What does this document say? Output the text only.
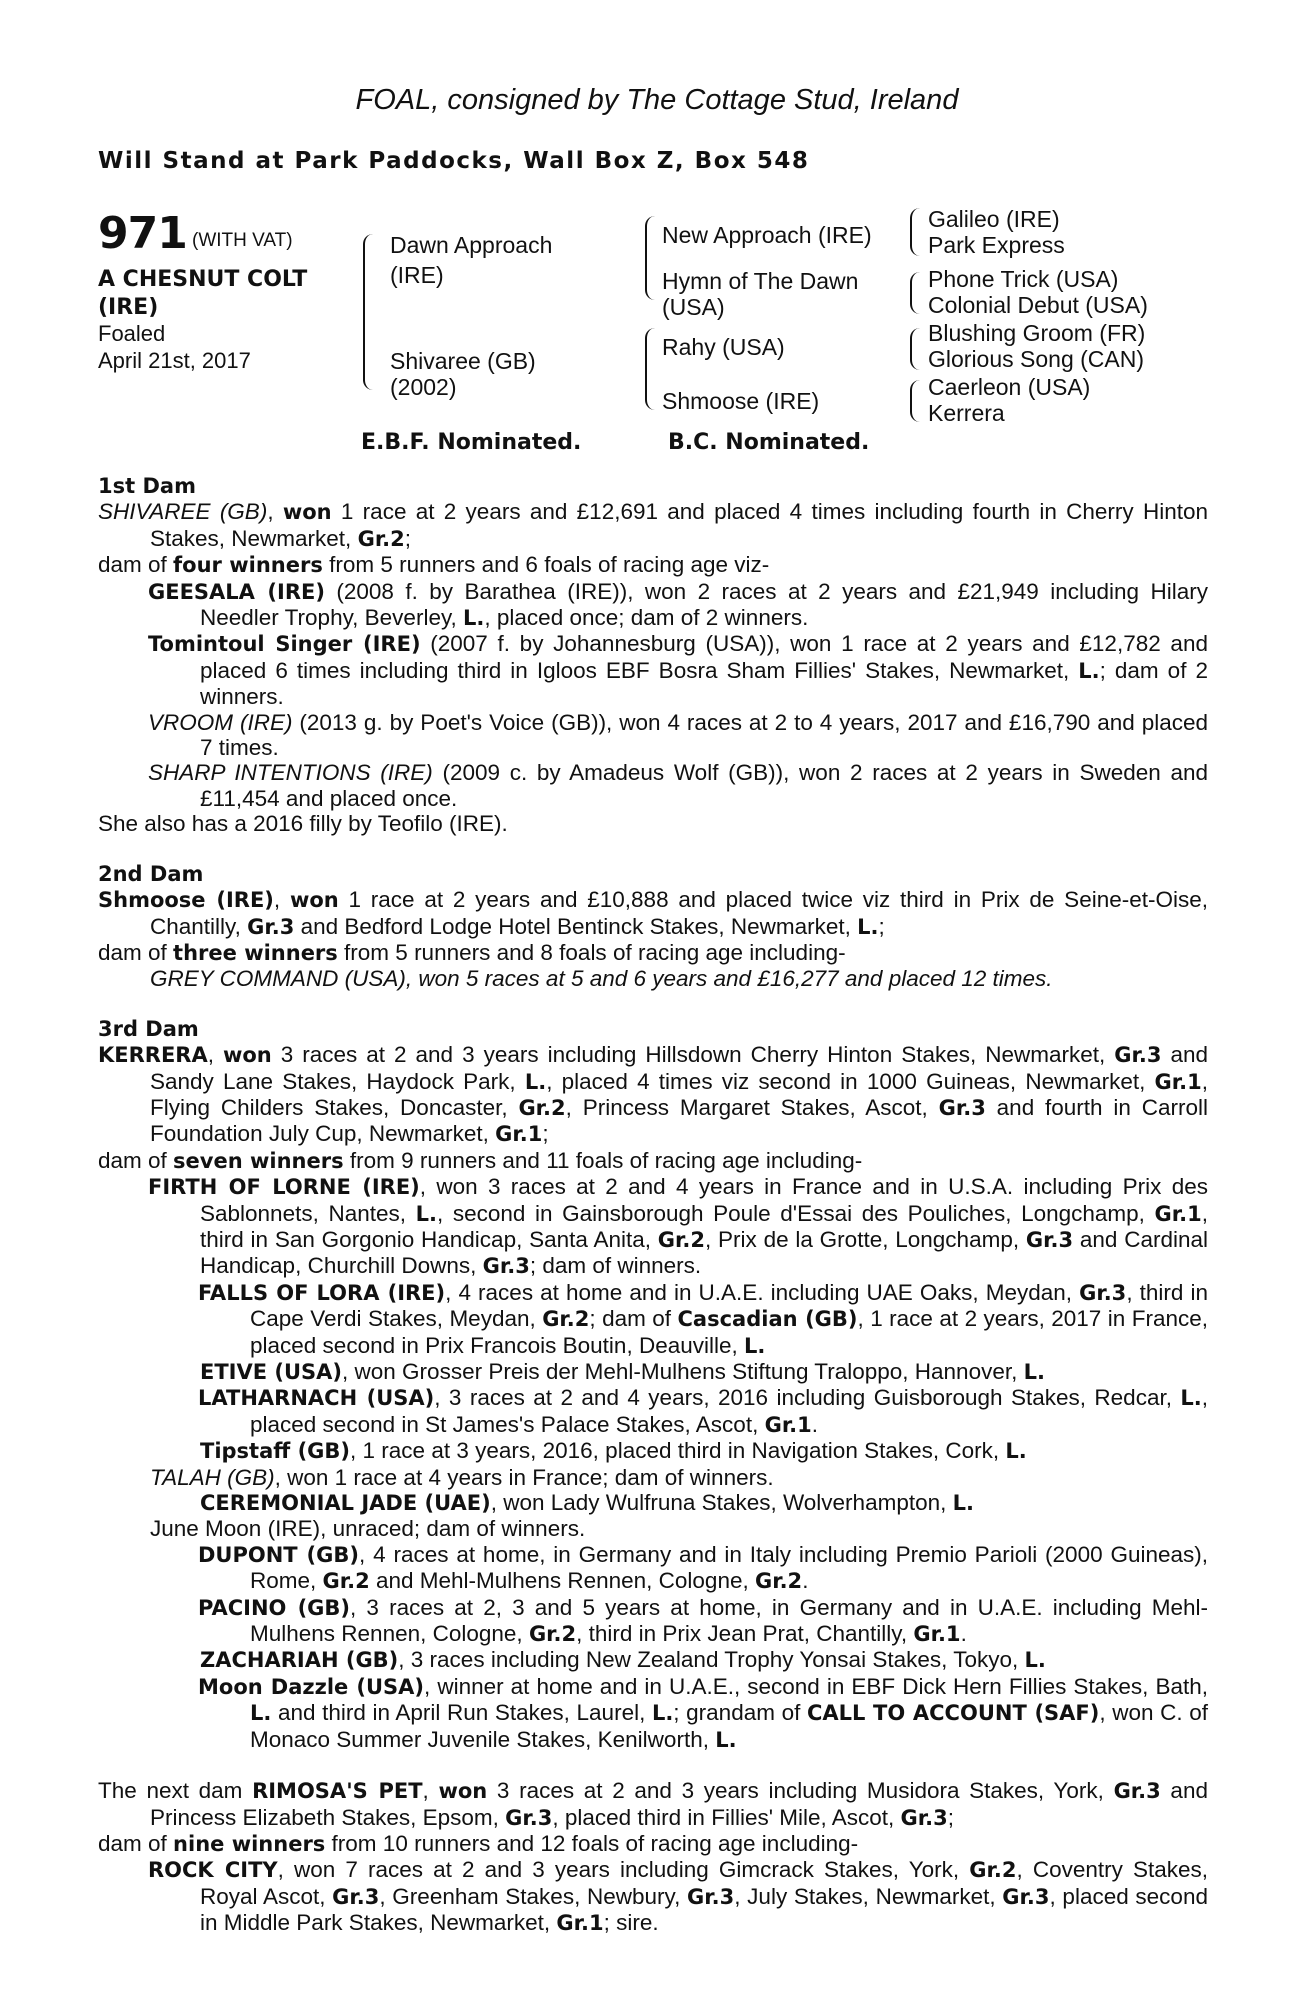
FOAL, consigned by The Cottage Stud, Ireland
Will Stand at Park Paddocks, Wall Box Z, Box 548
971 (WITH VAT)
A CHESNUT COLT
(IRE)
Foaled
April 21st, 2017
Dawn Approach
(IRE)
Shivaree (GB)
(2002)
New Approach (IRE)
Hymn of The Dawn
(USA)
Rahy (USA)
Shmoose (IRE)
Galileo (IRE)
Park Express
Phone Trick (USA)
Colonial Debut (USA)
Blushing Groom (FR)
Glorious Song (CAN)
Caerleon (USA)
Kerrera
E.B.F. Nominated.	B.C. Nominated.

1st Dam

SHIVAREE (GB), won 1 race at 2 years and £12,691 and placed 4 times including fourth in Cherry Hinton Stakes, Newmarket, Gr.2;

dam of four winners from 5 runners and 6 foals of racing age viz-

GEESALA (IRE) (2008 f. by Barathea (IRE)), won 2 races at 2 years and £21,949 including Hilary Needler Trophy, Beverley, L., placed once; dam of 2 winners.

Tomintoul Singer (IRE) (2007 f. by Johannesburg (USA)), won 1 race at 2 years and £12,782 and placed 6 times including third in Igloos EBF Bosra Sham Fillies' Stakes, Newmarket, L.; dam of 2 winners.

VROOM (IRE) (2013 g. by Poet's Voice (GB)), won 4 races at 2 to 4 years, 2017 and £16,790 and placed 7 times.

SHARP INTENTIONS (IRE) (2009 c. by Amadeus Wolf (GB)), won 2 races at 2 years in Sweden and £11,454 and placed once.

She also has a 2016 filly by Teofilo (IRE).

2nd Dam

Shmoose (IRE), won 1 race at 2 years and £10,888 and placed twice viz third in Prix de Seine-et-Oise, Chantilly, Gr.3 and Bedford Lodge Hotel Bentinck Stakes, Newmarket, L.;

dam of three winners from 5 runners and 8 foals of racing age including-

GREY COMMAND (USA), won 5 races at 5 and 6 years and £16,277 and placed 12 times.

3rd Dam

KERRERA, won 3 races at 2 and 3 years including Hillsdown Cherry Hinton Stakes, Newmarket, Gr.3 and Sandy Lane Stakes, Haydock Park, L., placed 4 times viz second in 1000 Guineas, Newmarket, Gr.1, Flying Childers Stakes, Doncaster, Gr.2, Princess Margaret Stakes, Ascot, Gr.3 and fourth in Carroll Foundation July Cup, Newmarket, Gr.1;

dam of seven winners from 9 runners and 11 foals of racing age including-

FIRTH OF LORNE (IRE), won 3 races at 2 and 4 years in France and in U.S.A. including Prix des Sablonnets, Nantes, L., second in Gainsborough Poule d'Essai des Pouliches, Longchamp, Gr.1, third in San Gorgonio Handicap, Santa Anita, Gr.2, Prix de la Grotte, Longchamp, Gr.3 and Cardinal Handicap, Churchill Downs, Gr.3; dam of winners.

FALLS OF LORA (IRE), 4 races at home and in U.A.E. including UAE Oaks, Meydan, Gr.3, third in Cape Verdi Stakes, Meydan, Gr.2; dam of Cascadian (GB), 1 race at 2 years, 2017 in France, placed second in Prix Francois Boutin, Deauville, L.

ETIVE (USA), won Grosser Preis der Mehl-Mulhens Stiftung Traloppo, Hannover, L.

LATHARNACH (USA), 3 races at 2 and 4 years, 2016 including Guisborough Stakes, Redcar, L., placed second in St James's Palace Stakes, Ascot, Gr.1.

Tipstaff (GB), 1 race at 3 years, 2016, placed third in Navigation Stakes, Cork, L.

TALAH (GB), won 1 race at 4 years in France; dam of winners.

CEREMONIAL JADE (UAE), won Lady Wulfruna Stakes, Wolverhampton, L.

June Moon (IRE), unraced; dam of winners.

DUPONT (GB), 4 races at home, in Germany and in Italy including Premio Parioli (2000 Guineas), Rome, Gr.2 and Mehl-Mulhens Rennen, Cologne, Gr.2.

PACINO (GB), 3 races at 2, 3 and 5 years at home, in Germany and in U.A.E. including Mehl-Mulhens Rennen, Cologne, Gr.2, third in Prix Jean Prat, Chantilly, Gr.1.

ZACHARIAH (GB), 3 races including New Zealand Trophy Yonsai Stakes, Tokyo, L.

Moon Dazzle (USA), winner at home and in U.A.E., second in EBF Dick Hern Fillies Stakes, Bath, L. and third in April Run Stakes, Laurel, L.; grandam of CALL TO ACCOUNT (SAF), won C. of Monaco Summer Juvenile Stakes, Kenilworth, L.

The next dam RIMOSA'S PET, won 3 races at 2 and 3 years including Musidora Stakes, York, Gr.3 and Princess Elizabeth Stakes, Epsom, Gr.3, placed third in Fillies' Mile, Ascot, Gr.3;

dam of nine winners from 10 runners and 12 foals of racing age including-

ROCK CITY, won 7 races at 2 and 3 years including Gimcrack Stakes, York, Gr.2, Coventry Stakes, Royal Ascot, Gr.3, Greenham Stakes, Newbury, Gr.3, July Stakes, Newmarket, Gr.3, placed second in Middle Park Stakes, Newmarket, Gr.1; sire.
